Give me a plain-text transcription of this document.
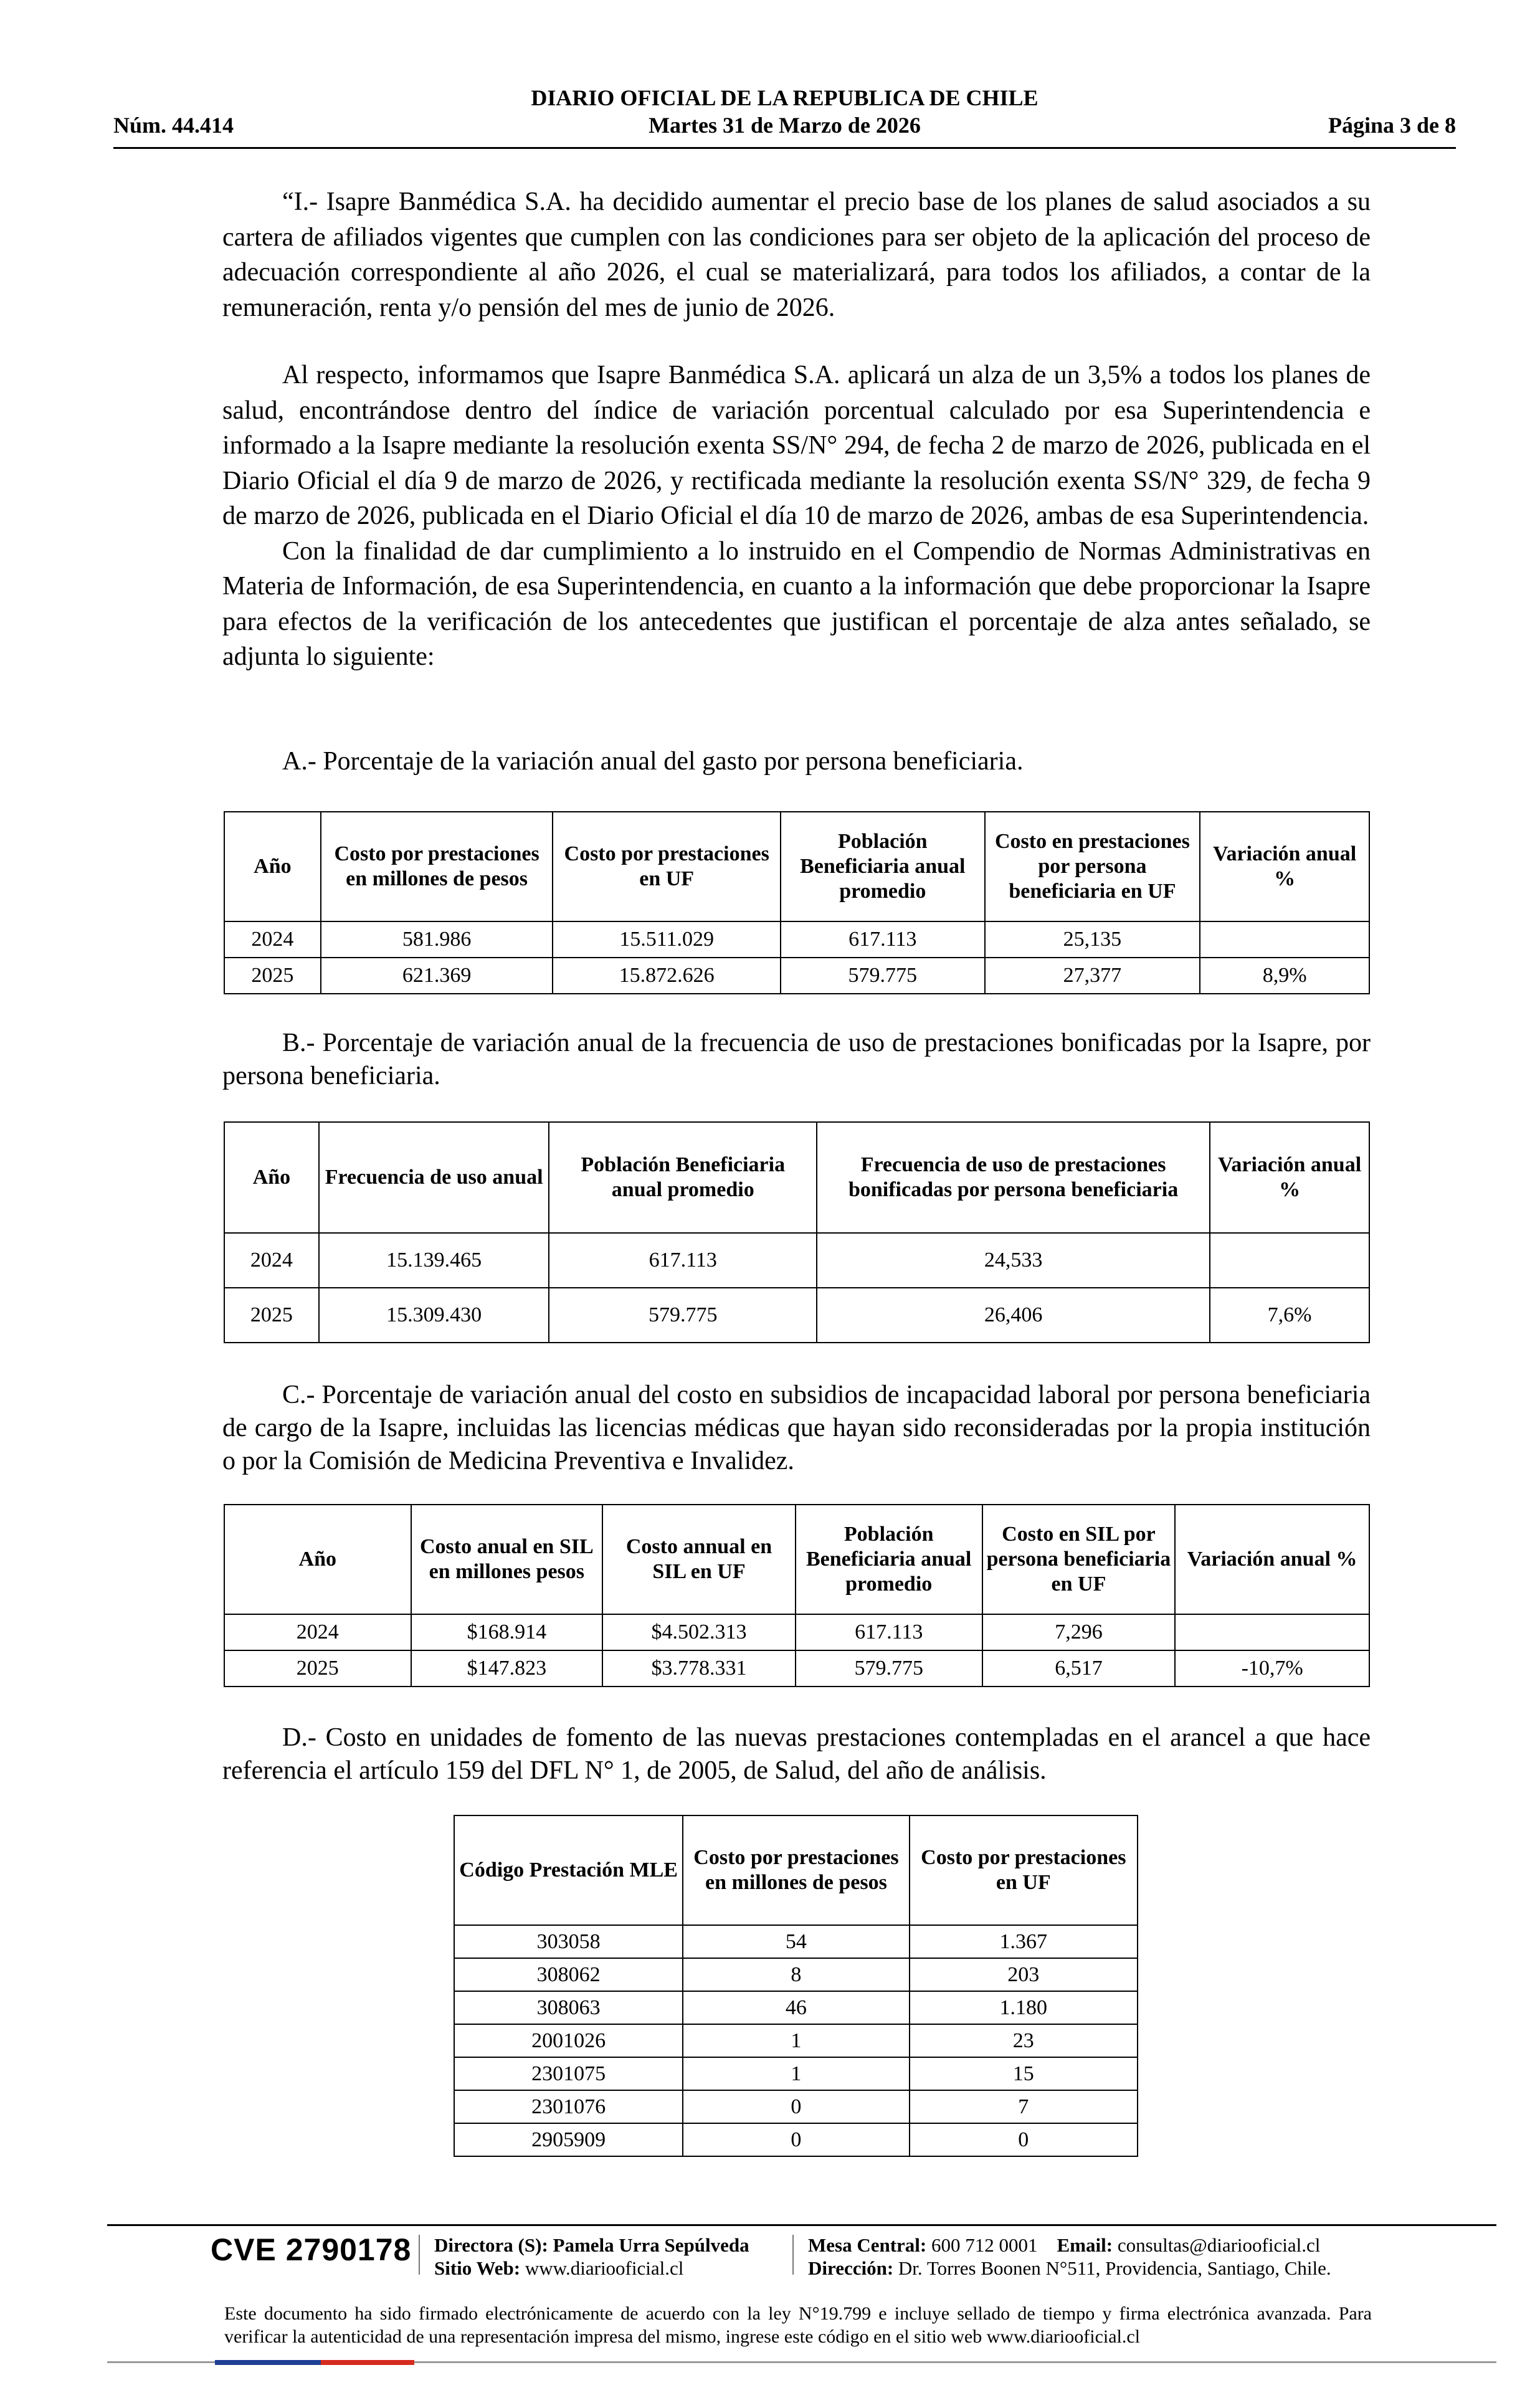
DIARIO OFICIAL DE LA REPUBLICA DE CHILE
Núm. 44.414	Martes 31 de Marzo de 2026	Página 3 de 8

“I.- Isapre Banmédica S.A. ha decidido aumentar el precio base de los planes de salud asociados a su cartera de afiliados vigentes que cumplen con las condiciones para ser objeto de la aplicación del proceso de adecuación correspondiente al año 2026, el cual se materializará, para todos los afiliados, a contar de la remuneración, renta y/o pensión del mes de junio de 2026.

Al respecto, informamos que Isapre Banmédica S.A. aplicará un alza de un 3,5% a todos los planes de salud, encontrándose dentro del índice de variación porcentual calculado por esa Superintendencia e informado a la Isapre mediante la resolución exenta SS/N° 294, de fecha 2 de marzo de 2026, publicada en el Diario Oficial el día 9 de marzo de 2026, y rectificada mediante la resolución exenta SS/N° 329, de fecha 9 de marzo de 2026, publicada en el Diario Oficial el día 10 de marzo de 2026, ambas de esa Superintendencia.

Con la finalidad de dar cumplimiento a lo instruido en el Compendio de Normas Administrativas en Materia de Información, de esa Superintendencia, en cuanto a la información que debe proporcionar la Isapre para efectos de la verificación de los antecedentes que justifican el porcentaje de alza antes señalado, se adjunta lo siguiente:

A.- Porcentaje de la variación anual del gasto por persona beneficiaria.

Año	Costo por prestaciones en millones de pesos	Costo por prestaciones en UF	Población Beneficiaria anual promedio	Costo en prestaciones por persona beneficiaria en UF	Variación anual %
2024	581.986	15.511.029	617.113	25,135	
2025	621.369	15.872.626	579.775	27,377	8,9%

B.- Porcentaje de variación anual de la frecuencia de uso de prestaciones bonificadas por la Isapre, por persona beneficiaria.

Año	Frecuencia de uso anual	Población Beneficiaria anual promedio	Frecuencia de uso de prestaciones bonificadas por persona beneficiaria	Variación anual %
2024	15.139.465	617.113	24,533	
2025	15.309.430	579.775	26,406	7,6%

C.- Porcentaje de variación anual del costo en subsidios de incapacidad laboral por persona beneficiaria de cargo de la Isapre, incluidas las licencias médicas que hayan sido reconsideradas por la propia institución o por la Comisión de Medicina Preventiva e Invalidez.

Año	Costo anual en SIL en millones pesos	Costo annual en SIL en UF	Población Beneficiaria anual promedio	Costo en SIL por persona beneficiaria en UF	Variación anual %
2024	$168.914	$4.502.313	617.113	7,296	
2025	$147.823	$3.778.331	579.775	6,517	-10,7%

D.- Costo en unidades de fomento de las nuevas prestaciones contempladas en el arancel a que hace referencia el artículo 159 del DFL N° 1, de 2005, de Salud, del año de análisis.

Código Prestación MLE	Costo por prestaciones en millones de pesos	Costo por prestaciones en UF
303058	54	1.367
308062	8	203
308063	46	1.180
2001026	1	23
2301075	1	15
2301076	0	7
2905909	0	0
CVE 2790178 Directora (S): Pamela Urra Sepúlveda
Sitio Web: www.diariooficial.cl
Mesa Central: 600 712 0001 Email: consultas@diariooficial.cl
Dirección: Dr. Torres Boonen N°511, Providencia, Santiago, Chile.
Este documento ha sido firmado electrónicamente de acuerdo con la ley N°19.799 e incluye sellado de tiempo y firma electrónica avanzada. Para verificar la autenticidad de una representación impresa del mismo, ingrese este código en el sitio web www.diariooficial.cl
